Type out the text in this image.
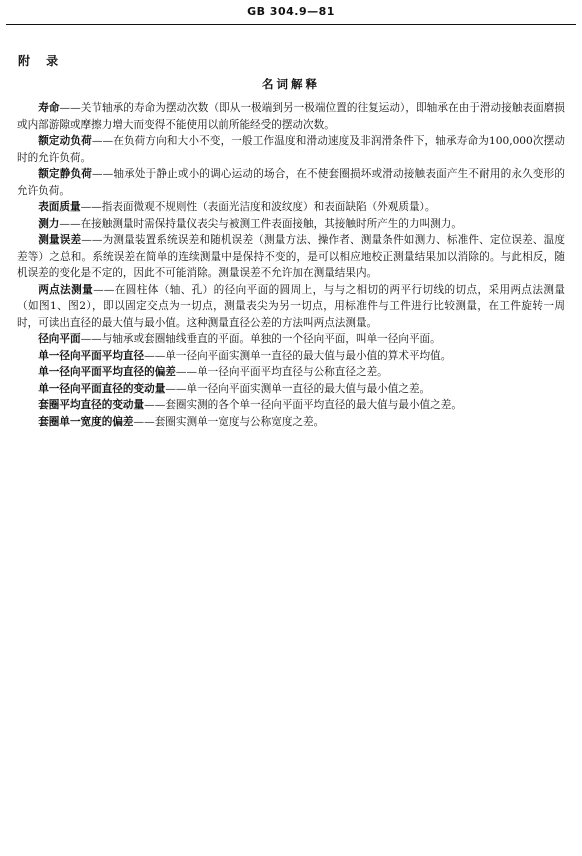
GB 304.9—81
附 录
名词解释

寿命——关节轴承的寿命为摆动次数（即从一极端到另一极端位置的往复运动），即轴承在由于滑动接触表面磨损或内部游隙或摩擦力增大而变得不能使用以前所能经受的摆动次数。

额定动负荷——在负荷方向和大小不变，一般工作温度和滑动速度及非润滑条件下，轴承寿命为100,000次摆动时的允许负荷。

额定静负荷——轴承处于静止或小的调心运动的场合，在不使套圈损坏或滑动接触表面产生不耐用的永久变形的允许负荷。

表面质量——指表面微观不规则性（表面光洁度和波纹度）和表面缺陷（外观质量）。

测力——在接触测量时需保持量仪表尖与被测工件表面接触，其接触时所产生的力叫测力。

测量误差——为测量装置系统误差和随机误差（测量方法、操作者、测量条件如测力、标准件、定位误差、温度差等）之总和。系统误差在简单的连续测量中是保持不变的，是可以相应地校正测量结果加以消除的。与此相反，随机误差的变化是不定的，因此不可能消除。测量误差不允许加在测量结果内。

两点法测量——在圆柱体（轴、孔）的径向平面的圆周上，与与之相切的两平行切线的切点，采用两点法测量（如图1、图2），即以固定交点为一切点，测量表尖为另一切点，用标准件与工件进行比较测量，在工件旋转一周时，可读出直径的最大值与最小值。这种测量直径公差的方法叫两点法测量。

径向平面——与轴承或套圈轴线垂直的平面。单独的一个径向平面，叫单一径向平面。

单一径向平面平均直径——单一径向平面实测单一直径的最大值与最小值的算术平均值。

单一径向平面平均直径的偏差——单一径向平面平均直径与公称直径之差。

单一径向平面直径的变动量——单一径向平面实测单一直径的最大值与最小值之差。

套圈平均直径的变动量——套圈实测的各个单一径向平面平均直径的最大值与最小值之差。

套圈单一宽度的偏差——套圈实测单一宽度与公称宽度之差。
